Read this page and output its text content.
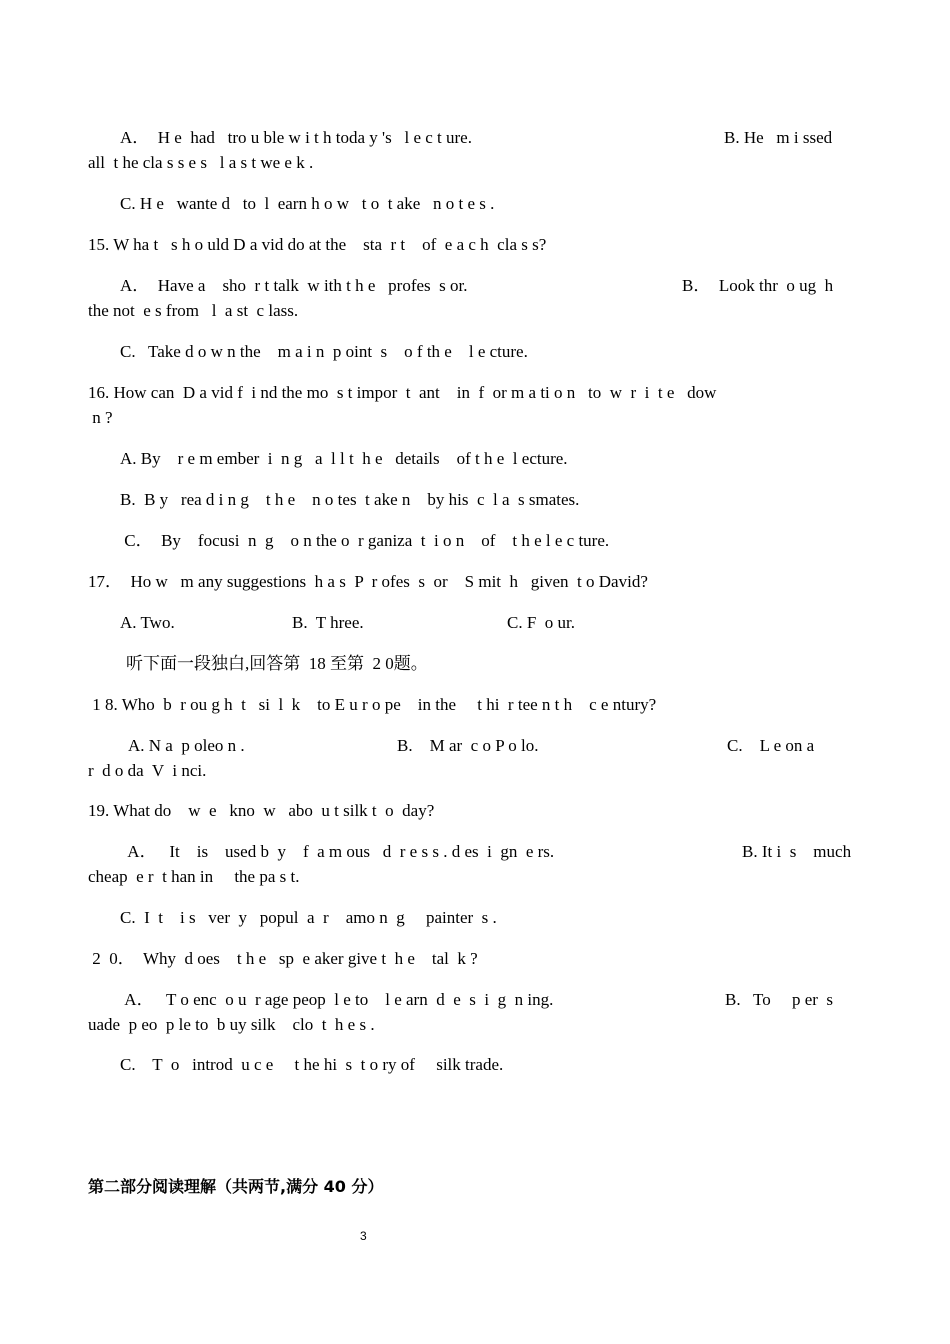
A．  H e  had   tro u ble w i t h toda y 's   l e c t ure.	B. He   m i ssed
all  t he cla s s e s   l a s t we e k .
C. H e   wante d   to  l  earn h o w   t o  t ake   n o t e s .
15. W ha t   s h o uld D a vid do at the    sta  r t    of  e a c h  cla s s?
A．  Have a    sho  r t talk  w ith t h e   profes  s or.	B．  Look thr  o ug  h
the not  e s from   l  a st  c lass.
C.   Take d o w n the    m a i n  p oint  s    o f th e    l e cture.
16. How can  D a vid f  i nd the mo  s t impor  t  ant    in  f  or m a ti o n   to  w  r  i  t e   dow
n ?
A. By    r e m ember  i  n g   a  l l t  h e   details    of t h e  l ecture.
B.  B y   rea d i n g    t h e    n o tes  t ake n    by his  c  l a  s smates.
C．  By    focusi  n  g    o n the o  r ganiza  t  i o n    of    t h e l e c ture.
17．  Ho w   m any suggestions  h a s  P  r ofes  s  or    S mit  h   given  t o David?
A. Two.	B.  T hree.	C. F  o ur.
听下面一段独白,回答第  18 至第  2 0题。
1 8. Who  b  r ou g h  t   si  l  k    to E u r o pe    in the     t hi  r tee n t h    c e ntury?
A. N a  p oleo n .	B.    M ar  c o P o lo.	C.    L e on a
r  d o da  V  i nci.
19. What do    w  e   kno  w   abo  u t silk t  o  day?
A．   It    is    used b  y    f  a m ous   d  r e s s . d es  i  gn  e rs.	B. It i  s    much
cheap  e r  t han in     the pa s t.
C.  I  t    i s   ver  y   popul  a  r    amo n  g     painter  s .
2  0．  Why  d oes    t h e   sp  e aker give t  h e    tal  k ?
A．   T o enc  o u  r age peop  l e to    l e arn  d  e  s  i  g  n ing.	B.   To     p er  s
uade  p eo  p le to  b uy silk    clo  t  h e s .
C.    T  o   introd  u c e     t he hi  s  t o ry of     silk trade.
第二部分阅读理解（共两节,满分 40 分）
3
